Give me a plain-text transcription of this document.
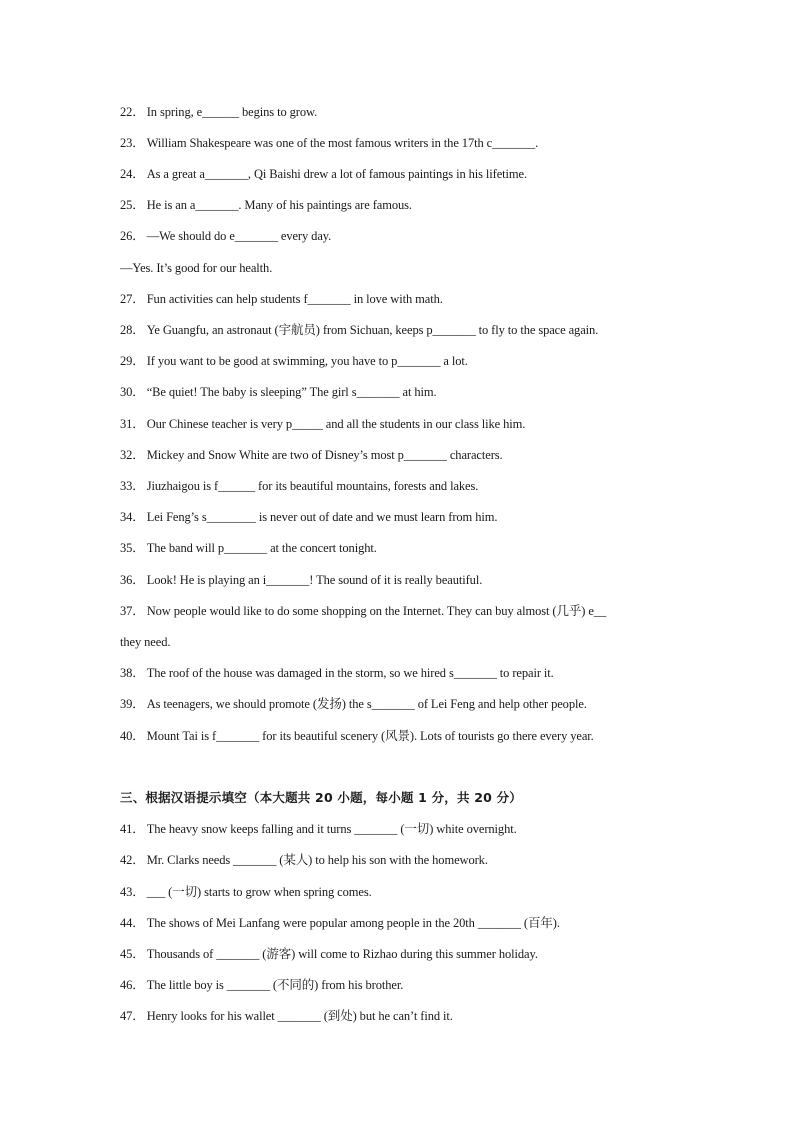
22． In spring, e______ begins to grow.
23． William Shakespeare was one of the most famous writers in the 17th c_______.
24． As a great a_______, Qi Baishi drew a lot of famous paintings in his lifetime.
25． He is an a_______. Many of his paintings are famous.
26． —We should do e_______ every day.
—Yes. It’s good for our health.
27． Fun activities can help students f_______ in love with math.
28． Ye Guangfu, an astronaut (宇航员) from Sichuan, keeps p_______ to fly to the space again.
29． If you want to be good at swimming, you have to p_______ a lot.
30． “Be quiet! The baby is sleeping” The girl s_______ at him.
31． Our Chinese teacher is very p_____ and all the students in our class like him.
32． Mickey and Snow White are two of Disney’s most p_______ characters.
33． Jiuzhaigou is f______ for its beautiful mountains, forests and lakes.
34． Lei Feng’s s________ is never out of date and we must learn from him.
35． The band will p_______ at the concert tonight.
36． Look! He is playing an i_______! The sound of it is really beautiful.
37． Now people would like to do some shopping on the Internet. They can buy almost (几乎) e__
they need.
38． The roof of the house was damaged in the storm, so we hired s_______ to repair it.
39． As teenagers, we should promote (发扬) the s_______ of Lei Feng and help other people.
40． Mount Tai is f_______ for its beautiful scenery (风景). Lots of tourists go there every year.
三、根据汉语提示填空（本大题共 20 小题，每小题 1 分，共 20 分）
41． The heavy snow keeps falling and it turns _______ (一切) white overnight.
42． Mr. Clarks needs _______ (某人) to help his son with the homework.
43． ___ (一切) starts to grow when spring comes.
44． The shows of Mei Lanfang were popular among people in the 20th _______ (百年).
45． Thousands of _______ (游客) will come to Rizhao during this summer holiday.
46． The little boy is _______ (不同的) from his brother.
47． Henry looks for his wallet _______ (到处) but he can’t find it.
